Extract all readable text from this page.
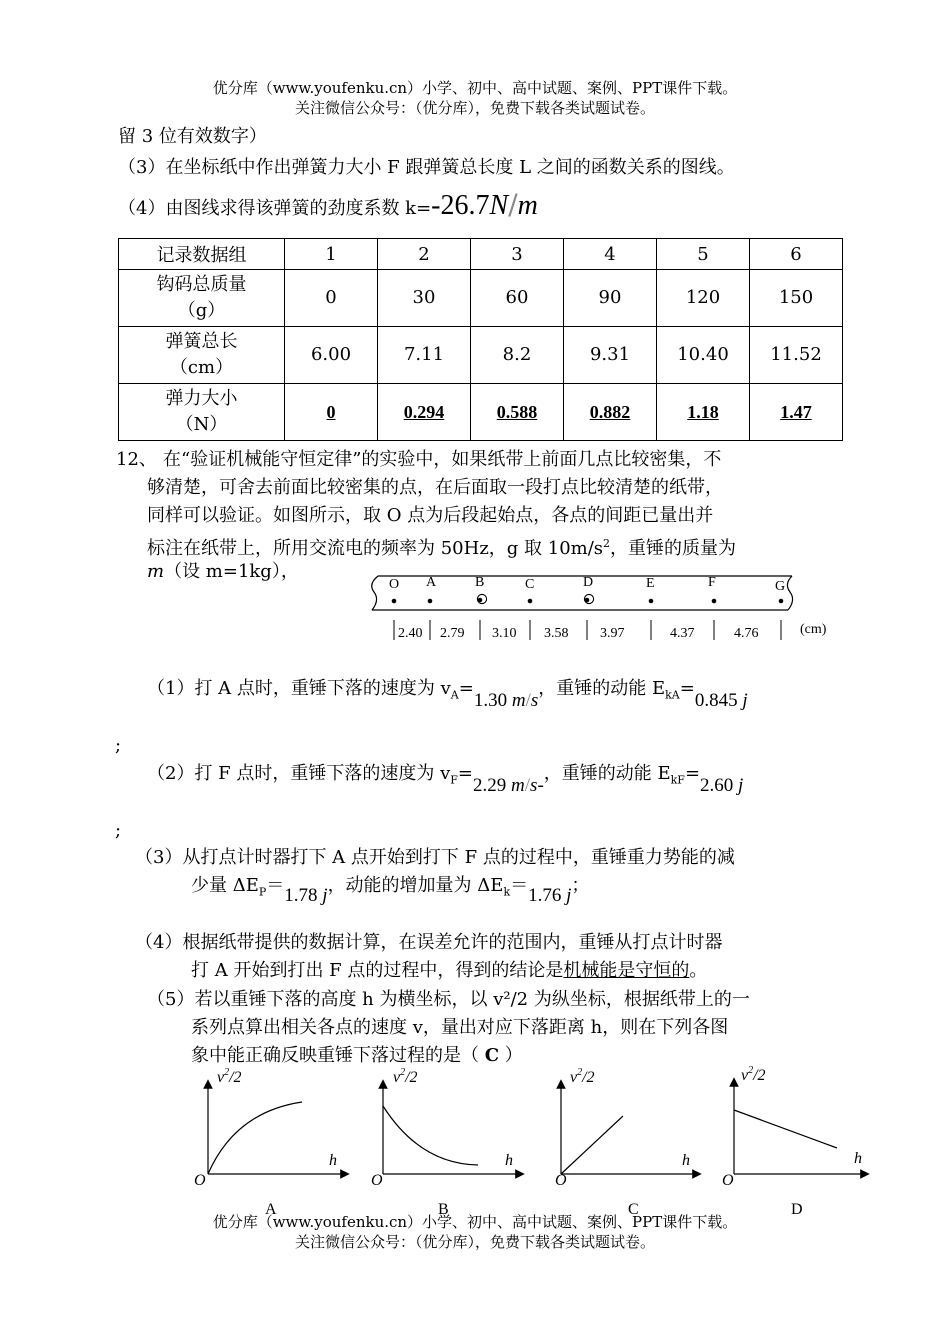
优分库（www.youfenku.cn）小学、初中、高中试题、案例、PPT课件下载。
关注微信公众号：（优分库），免费下载各类试题试卷。
留 3 位有效数字）
（3）在坐标纸中作出弹簧力大小 F 跟弹簧总长度 L 之间的函数关系的图线。
（4）由图线求得该弹簧的劲度系数 k=-26.7N/m
记录数据组	1	2	3	4	5	6

钩码总质量
（g）	0	30	60	90	120	150

弹簧总长
（cm）	6.00	7.11	8.2	9.31	10.40	11.52

弹力大小
（N）	0	0.294	0.588	0.882	1.18	1.47
12、 在“验证机械能守恒定律”的实验中，如果纸带上前面几点比较密集，不
够清楚，可舍去前面比较密集的点，在后面取一段打点比较清楚的纸带，
同样可以验证。如图所示，取 O 点为后段起始点，各点的间距已量出并
标注在纸带上，所用交流电的频率为 50Hz，g 取 $10m/s^2$，重锤的质量为
m（设 m=1kg），
O A	B	C	D	E	F	G
2.40 2.79 3.10 3.58 3.97	4.37	4.76	(cm)
（1）打 A 点时，重锤下落的速度为 $v_A=1.30$ m/s，重锤的动能 $E_{kA}=0.845$ j
;
（2）打 F 点时，重锤下落的速度为 $v_F=2.29$ m/s-，重锤的动能 $E_{kF}=2.60$ j
;
（3）从打点计时器打下 A 点开始到打下 F 点的过程中，重锤重力势能的减
少量 $\Delta E_P=1.78$ j，动能的增加量为 $\Delta E_k=1.76$ j；
（4）根据纸带提供的数据计算，在误差允许的范围内，重锤从打点计时器
打 A 开始到打出 F 点的过程中，得到的结论是机械能是守恒的。
（5）若以重锤下落的高度 h 为横坐标，以 v²/2 为纵坐标，根据纸带上的一
系列点算出相关各点的速度 v，量出对应下落距离 h，则在下列各图
象中能正确反映重锤下落过程的是（ C ）
$v^2/2$
h
O
A
$v^2/2$
h
O
B
$v^2/2$
h
O
C
$v^2/2$
h
O
D
优分库（www.youfenku.cn）小学、初中、高中试题、案例、PPT课件下载。
关注微信公众号：（优分库），免费下载各类试题试卷。
